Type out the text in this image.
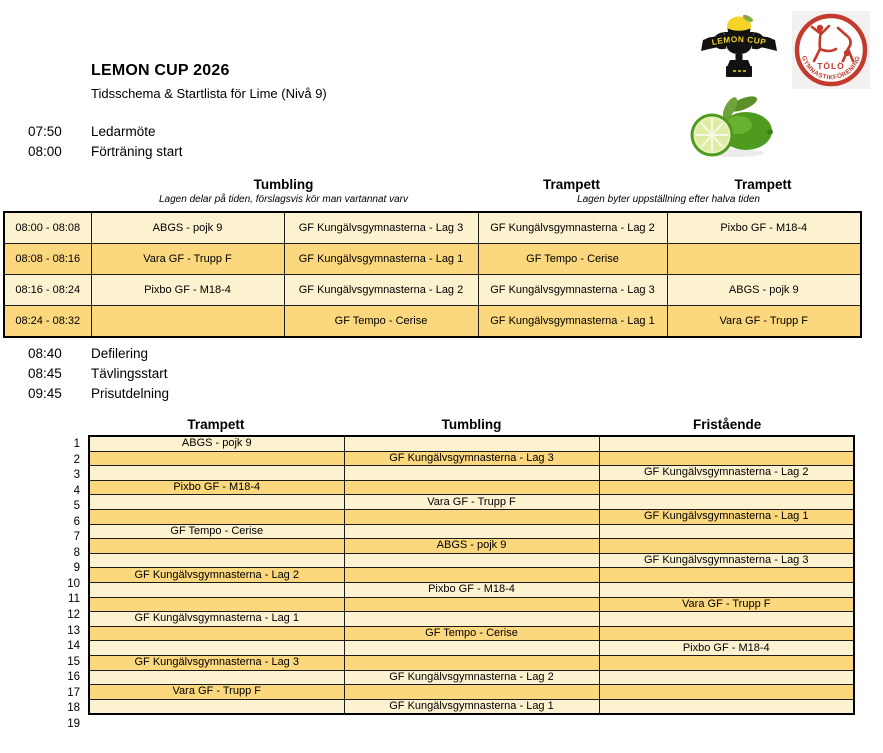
LEMON CUP 2026
Tidsschema & Startlista för Lime (Nivå 9)
LEMON CUP
TÖLÖ
GYMNASTIKFÖRENING
07:50	Ledarmöte
08:00	Förträning start
Tumbling	Trampett	Trampett
Lagen delar på tiden, förslagsvis kör man vartannat varv	Lagen byter uppställning efter halva tiden
08:00 - 08:08	ABGS - pojk 9	GF Kungälvsgymnasterna - Lag 3	GF Kungälvsgymnasterna - Lag 2	Pixbo GF - M18-4
08:08 - 08:16	Vara GF - Trupp F	GF Kungälvsgymnasterna - Lag 1	GF Tempo - Cerise	
08:16 - 08:24	Pixbo GF - M18-4	GF Kungälvsgymnasterna - Lag 2	GF Kungälvsgymnasterna - Lag 3	ABGS - pojk 9
08:24 - 08:32		GF Tempo - Cerise	GF Kungälvsgymnasterna - Lag 1	Vara GF - Trupp F
08:40	Defilering
08:45	Tävlingsstart
09:45	Prisutdelning
Trampett	Tumbling	Fristående
1
2
3
4
5
6
7
8
9
10
11
12
13
14
15
16
17
18
19
ABGS - pojk 9		
	GF Kungälvsgymnasterna - Lag 3	
		GF Kungälvsgymnasterna - Lag 2
Pixbo GF - M18-4		
	Vara GF - Trupp F	
		GF Kungälvsgymnasterna - Lag 1
GF Tempo - Cerise		
	ABGS - pojk 9	
		GF Kungälvsgymnasterna - Lag 3
GF Kungälvsgymnasterna - Lag 2		
	Pixbo GF - M18-4	
		Vara GF - Trupp F
GF Kungälvsgymnasterna - Lag 1		
	GF Tempo - Cerise	
		Pixbo GF - M18-4
GF Kungälvsgymnasterna - Lag 3		
	GF Kungälvsgymnasterna - Lag 2	
Vara GF - Trupp F		
	GF Kungälvsgymnasterna - Lag 1	
